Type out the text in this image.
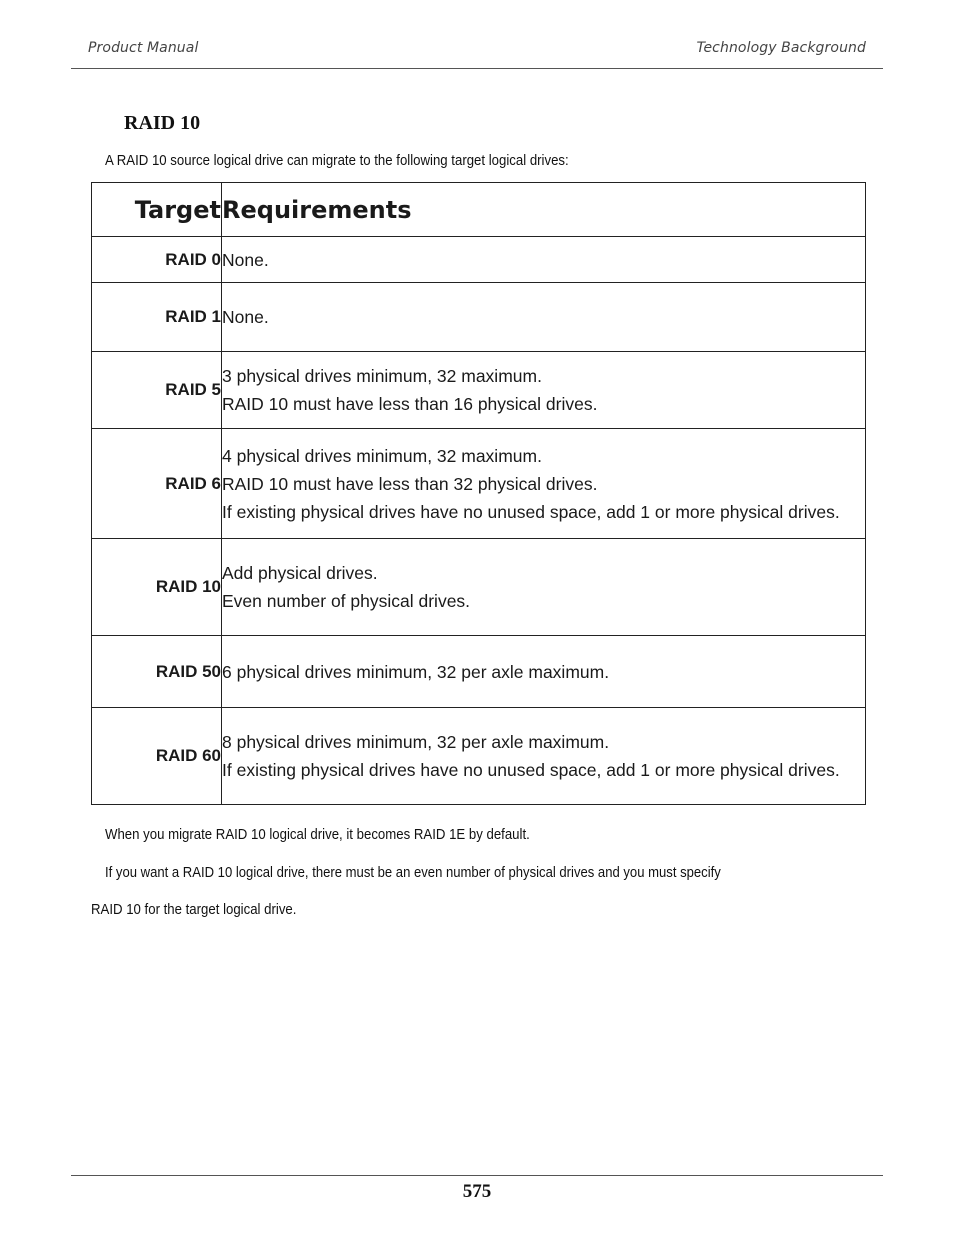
Product Manual	Technology Background
RAID 10
A RAID 10 source logical drive can migrate to the following target logical drives:
Target	Requirements
RAID 0	None.

RAID 1	None.

RAID 5	3 physical drives minimum, 32 maximum.
RAID 10 must have less than 16 physical drives.

RAID 6	4 physical drives minimum, 32 maximum.
RAID 10 must have less than 32 physical drives.
If existing physical drives have no unused space, add 1 or more physical drives.

RAID 10	Add physical drives.
Even number of physical drives.

RAID 50	6 physical drives minimum, 32 per axle maximum.

RAID 60	8 physical drives minimum, 32 per axle maximum.
If existing physical drives have no unused space, add 1 or more physical drives.
When you migrate RAID 10 logical drive, it becomes RAID 1E by default.
If you want a RAID 10 logical drive, there must be an even number of physical drives and you must specify
RAID 10 for the target logical drive.
575
